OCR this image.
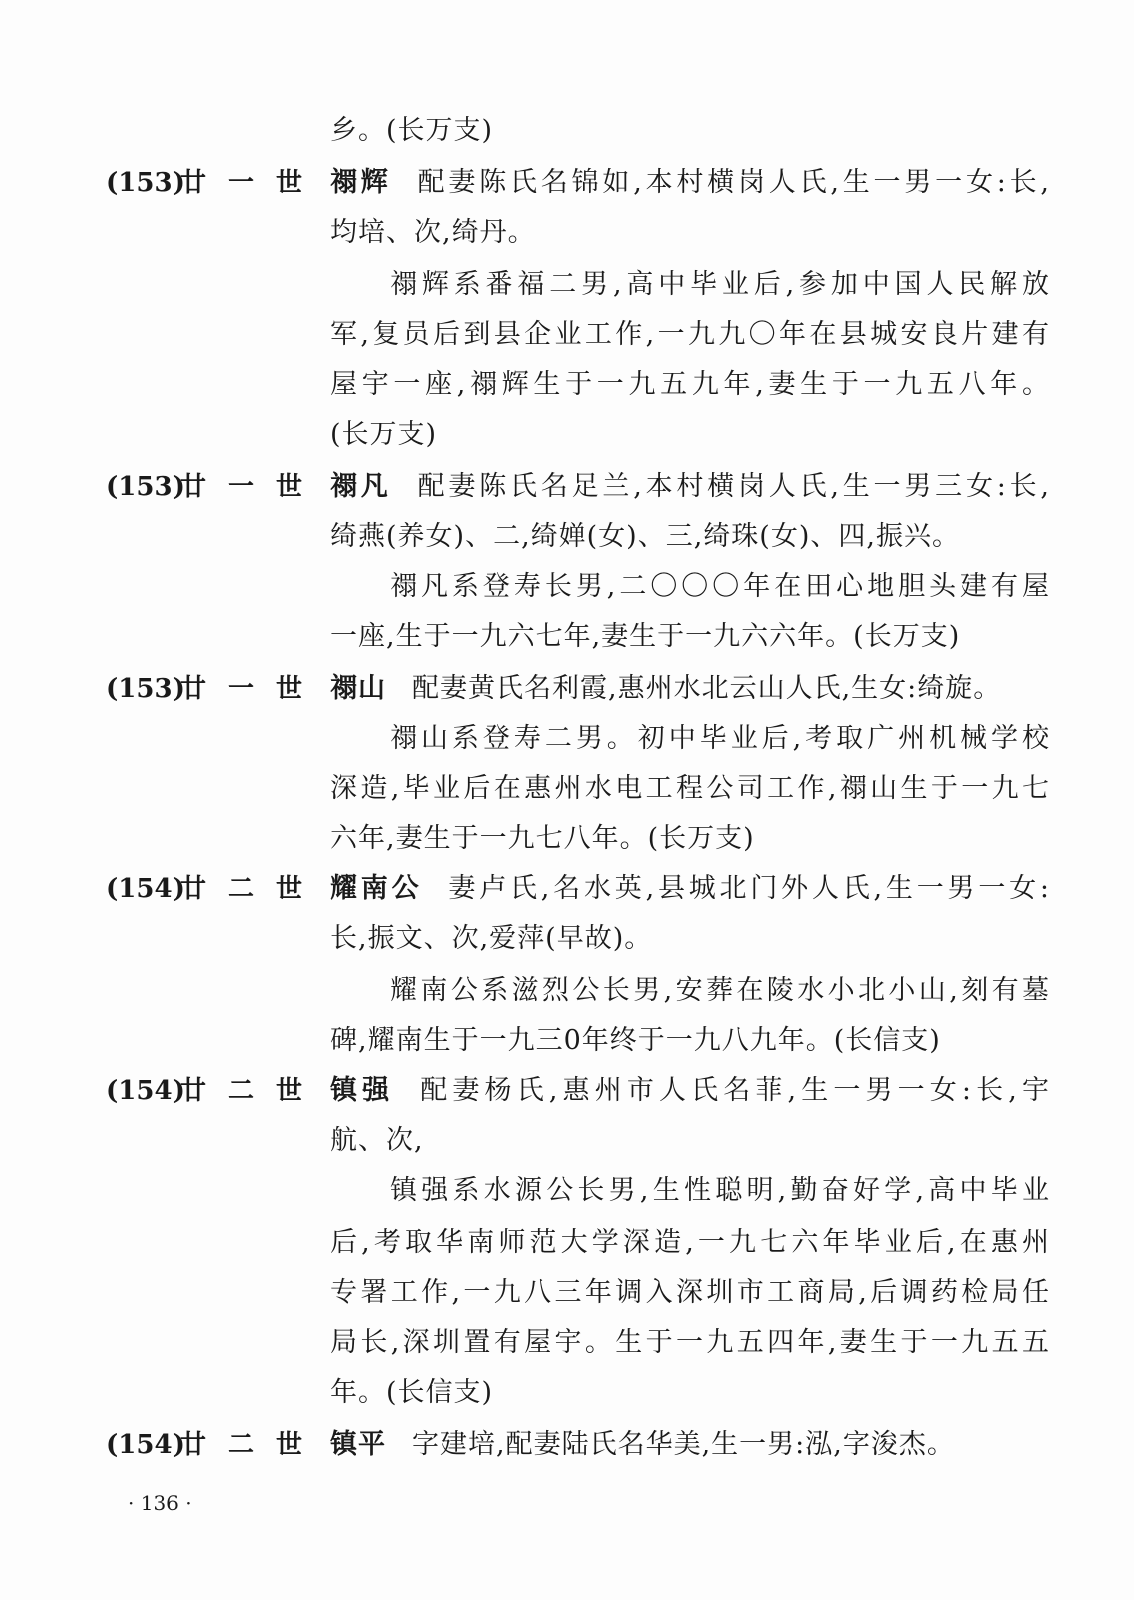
乡。(长万支)
(153)廿一世 禤辉 配妻陈氏名锦如,本村横岗人氏,生一男一女:长,
均培、次,绮丹。
禤辉系番福二男,高中毕业后,参加中国人民解放
军,复员后到县企业工作,一九九〇年在县城安良片建有
屋宇一座,禤辉生于一九五九年,妻生于一九五八年。
(长万支)
(153)廿一世 禤凡 配妻陈氏名足兰,本村横岗人氏,生一男三女:长,
绮燕(养女)、二,绮婵(女)、三,绮珠(女)、四,振兴。
禤凡系登寿长男,二〇〇〇年在田心地胆头建有屋
一座,生于一九六七年,妻生于一九六六年。(长万支)
(153)廿一世 禤山 配妻黄氏名利霞,惠州水北云山人氏,生女:绮旋。
禤山系登寿二男。初中毕业后,考取广州机械学校
深造,毕业后在惠州水电工程公司工作,禤山生于一九七
六年,妻生于一九七八年。(长万支)
(154)廿二世 耀南公 妻卢氏,名水英,县城北门外人氏,生一男一女:
长,振文、次,爱萍(早故)。
耀南公系滋烈公长男,安葬在陵水小北小山,刻有墓
碑,耀南生于一九三0年终于一九八九年。(长信支)
(154)廿二世 镇强 配妻杨氏,惠州市人氏名菲,生一男一女:长,宇
航、次,
镇强系水源公长男,生性聪明,勤奋好学,高中毕业
后,考取华南师范大学深造,一九七六年毕业后,在惠州
专署工作,一九八三年调入深圳市工商局,后调药检局任
局长,深圳置有屋宇。生于一九五四年,妻生于一九五五
年。(长信支)
(154)廿二世 镇平 字建培,配妻陆氏名华美,生一男:泓,字浚杰。
· 136 ·
